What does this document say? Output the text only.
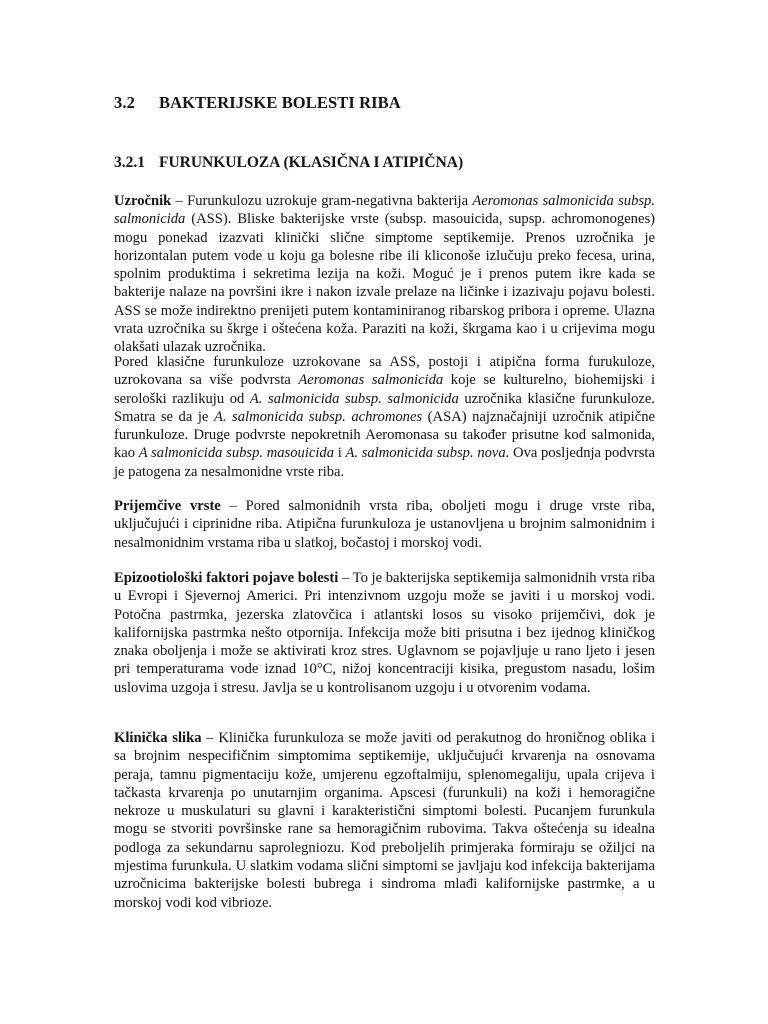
3.2 BAKTERIJSKE BOLESTI RIBA
3.2.1 FURUNKULOZA (KLASIČNA I ATIPIČNA)

Uzročnik – Furunkulozu uzrokuje gram-negativna bakterija Aeromonas salmonicida subsp. salmonicida (ASS). Bliske bakterijske vrste (subsp. masouicida, supsp. achromonogenes) mogu ponekad izazvati klinički slične simptome septikemije. Prenos uzročnika je horizontalan putem vode u koju ga bolesne ribe ili kliconoše izlučuju preko fecesa, urina, spolnim produktima i sekretima lezija na koži. Moguć je i prenos putem ikre kada se bakterije nalaze na površini ikre i nakon izvale prelaze na ličinke i izazivaju pojavu bolesti. ASS se može indirektno prenijeti putem kontaminiranog ribarskog pribora i opreme. Ulazna vrata uzročnika su škrge i oštećena koža. Paraziti na koži, škrgama kao i u crijevima mogu olakšati ulazak uzročnika.

Pored klasične furunkuloze uzrokovane sa ASS, postoji i atipična forma furukuloze, uzrokovana sa više podvrsta Aeromonas salmonicida koje se kulturelno, biohemijski i serološki razlikuju od A. salmonicida subsp. salmonicida uzročnika klasične furunkuloze. Smatra se da je A. salmonicida subsp. achromones (ASA) najznačajniji uzročnik atipične furunkuloze. Druge podvrste nepokretnih Aeromonasa su također prisutne kod salmonida, kao A salmonicida subsp. masouicida i A. salmonicida subsp. nova. Ova posljednja podvrsta je patogena za nesalmonidne vrste riba.

Prijemčive vrste – Pored salmonidnih vrsta riba, oboljeti mogu i druge vrste riba, uključujući i ciprinidne riba. Atipična furunkuloza je ustanovljena u brojnim salmonidnim i nesalmonidnim vrstama riba u slatkoj, bočastoj i morskoj vodi.

Epizootiološki faktori pojave bolesti – To je bakterijska septikemija salmonidnih vrsta riba u Evropi i Sjevernoj Americi. Pri intenzivnom uzgoju može se javiti i u morskoj vodi. Potočna pastrmka, jezerska zlatovčica i atlantski losos su visoko prijemčivi, dok je kalifornijska pastrmka nešto otpornija. Infekcija može biti prisutna i bez ijednog kliničkog znaka oboljenja i može se aktivirati kroz stres. Uglavnom se pojavljuje u rano ljeto i jesen pri temperaturama vode iznad 10°C, nižoj koncentraciji kisika, pregustom nasadu, lošim uslovima uzgoja i stresu. Javlja se u kontrolisanom uzgoju i u otvorenim vodama.

Klinička slika – Klinička furunkuloza se može javiti od perakutnog do hroničnog oblika i sa brojnim nespecifičnim simptomima septikemije, uključujući krvarenja na osnovama peraja, tamnu pigmentaciju kože, umjerenu egzoftalmiju, splenomegaliju, upala crijeva i tačkasta krvarenja po unutarnjim organima. Apscesi (furunkuli) na koži i hemoragične nekroze u muskulaturi su glavni i karakteristični simptomi bolesti. Pucanjem furunkula mogu se stvoriti površinske rane sa hemoragičnim rubovima. Takva oštećenja su idealna podloga za sekundarnu saprolegniozu. Kod preboljelih primjeraka formiraju se ožiljci na mjestima furunkula. U slatkim vodama slični simptomi se javljaju kod infekcija bakterijama uzročnicima bakterijske bolesti bubrega i sindroma mlađi kalifornijske pastrmke, a u morskoj vodi kod vibrioze.
